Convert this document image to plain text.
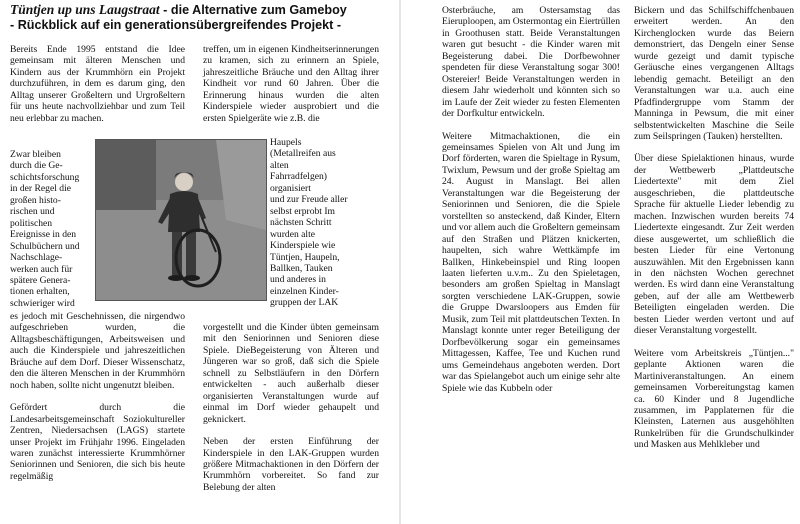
Tüntjen up uns Laugstraat - die Alternative zum Gameboy
- Rückblick auf ein generationsübergreifendes Projekt -

Bereits Ende 1995 entstand die Idee gemeinsam mit älteren Menschen und Kindern aus der Krummhörn ein Projekt durchzuführen, in dem es darum ging, den Alltag unserer Großeltern und Urgroßeltern für uns heute nachvollziehbar und zum Teil neu erlebbar zu machen.

Zwar bleiben
durch die Ge-
schichtsforschung
in der Regel die
großen histo-
rischen und
politischen
Ereignisse in den
Schulbüchern und
Nachschlage-
werken auch für
spätere Genera-
tionen erhalten,
schwieriger wird

es jedoch mit Geschehnissen, die nirgendwo aufgeschrieben wurden, die Alltagsbeschäftigungen, Arbeitsweisen und auch die Kinderspiele und jahreszeitlichen Bräuche auf dem Dorf. Dieser Wissenschatz, den die älteren Menschen in der Krummhörn noch haben, sollte nicht ungenutzt bleiben.

Gefördert durch die Landesarbeitsgemeinschaft Soziokultureller Zentren, Niedersachsen (LAGS) startete unser Projekt im Frühjahr 1996. Eingeladen waren zunächst interessierte Krummhörner Seniorinnen und Senioren, die sich bis heute regelmäßig

treffen, um in eigenen Kindheitserinnerungen zu kramen, sich zu erinnern an Spiele, jahreszeitliche Bräuche und den Alltag ihrer Kindheit vor rund 60 Jahren. Über die Erinnerung hinaus wurden die alten Kinderspiele wieder ausprobiert und die ersten Spielgeräte wie z.B. die

Haupels
(Metallreifen aus
alten
Fahrradfelgen)
organisiert
und zur Freude aller
selbst erprobt Im
nächsten Schritt
wurden alte
Kinderspiele wie
Tüntjen, Haupeln,
Ballken, Tauken
und anderes in
einzelnen Kinder-
gruppen der LAK

vorgestellt und die Kinder übten gemeinsam mit den Seniorinnen und Senioren diese Spiele. DieBegeisterung von Älteren und Jüngeren war so groß, daß sich die Spiele schnell zu Selbstläufern in den Dörfern entwickelten - auch außerhalb dieser organisierten Veranstaltungen wurde auf einmal im Dorf wieder gehaupelt und geknickert.

Neben der ersten Einführung der Kinderspiele in den LAK-Gruppen wurden größere Mitmachaktionen in den Dörfern der Krummhörn vorbereitet. So fand zur Belebung der alten

Osterbräuche, am Ostersamstag das Eieruploopen, am Ostermontag ein Eiertrüllen in Groothusen statt. Beide Veranstaltungen waren gut besucht - die Kinder waren mit Begeisterung dabei. Die Dorfbewohner spendeten für diese Veranstaltung sogar 300! Ostereier! Beide Veranstaltungen werden in diesem Jahr wiederholt und könnten sich so im Laufe der Zeit wieder zu festen Elementen der Dorfkultur entwickeln.

Weitere Mitmachaktionen, die ein gemeinsames Spielen von Alt und Jung im Dorf förderten, waren die Spieltage in Rysum, Twixlum, Pewsum und der große Spieltag am 24. August in Manslagt. Bei allen Veranstaltungen war die Begeisterung der Seniorinnen und Senioren, die die Spiele vorstellten so ansteckend, daß Kinder, Eltern und vor allem auch die Großeltern gemeinsam auf den Straßen und Plätzen knickerten, haupelten, sich wahre Wettkämpfe im Ballken, Hinkebeinspiel und Ring loopen laaten lieferten u.v.m.. Zu den Spieletagen, besonders am großen Spieltag in Manslagt sorgten verschiedene LAK-Gruppen, sowie die Gruppe Dwarsloopers aus Emden für Musik, zum Teil mit plattdeutschen Texten. In Manslagt konnte unter reger Beteiligung der Dorfbevölkerung sogar ein gemeinsames Mittagessen, Kaffee, Tee und Kuchen rund ums Gemeindehaus angeboten werden. Dort war das Spielangebot auch um einige sehr alte Spiele wie das Kubbeln oder

Bickern und das Schilfschiffchenbauen erweitert werden. An den Kirchenglocken wurde das Beiern demonstriert, das Dengeln einer Sense wurde gezeigt und damit typische Geräusche eines vergangenen Alltags lebendig gemacht. Beteiligt an den Veranstaltungen war u.a. auch eine Pfadfindergruppe vom Stamm der Manninga in Pewsum, die mit einer selbstentwickelten Maschine die Seile zum Seilspringen (Tauken) herstellten.

Über diese Spielaktionen hinaus, wurde der Wettbewerb „Plattdeutsche Liedertexte" mit dem Ziel ausgeschrieben, die plattdeutsche Sprache für aktuelle Lieder lebendig zu machen. Inzwischen wurden bereits 74 Liedertexte eingesandt. Zur Zeit werden diese ausgewertet, um schließlich die besten Lieder für eine Vertonung auszuwählen. Mit den Ergebnissen kann in den nächsten Wochen gerechnet werden. Es wird dann eine Veranstaltung geben, auf der alle am Wettbewerb Beteiligten eingeladen werden. Die besten Lieder werden vertont und auf dieser Veranstaltung vorgestellt.

Weitere vom Arbeitskreis „Tüntjen..." geplante Aktionen waren die Martiniveranstaltungen. An einem gemeinsamen Vorbereitungstag kamen ca. 60 Kinder und 8 Jugendliche zusammen, im Papplaternen für die Kleinsten, Laternen aus ausgehöhlten Runkelrüben für die Grundschulkinder und Masken aus Mehlkleber und
